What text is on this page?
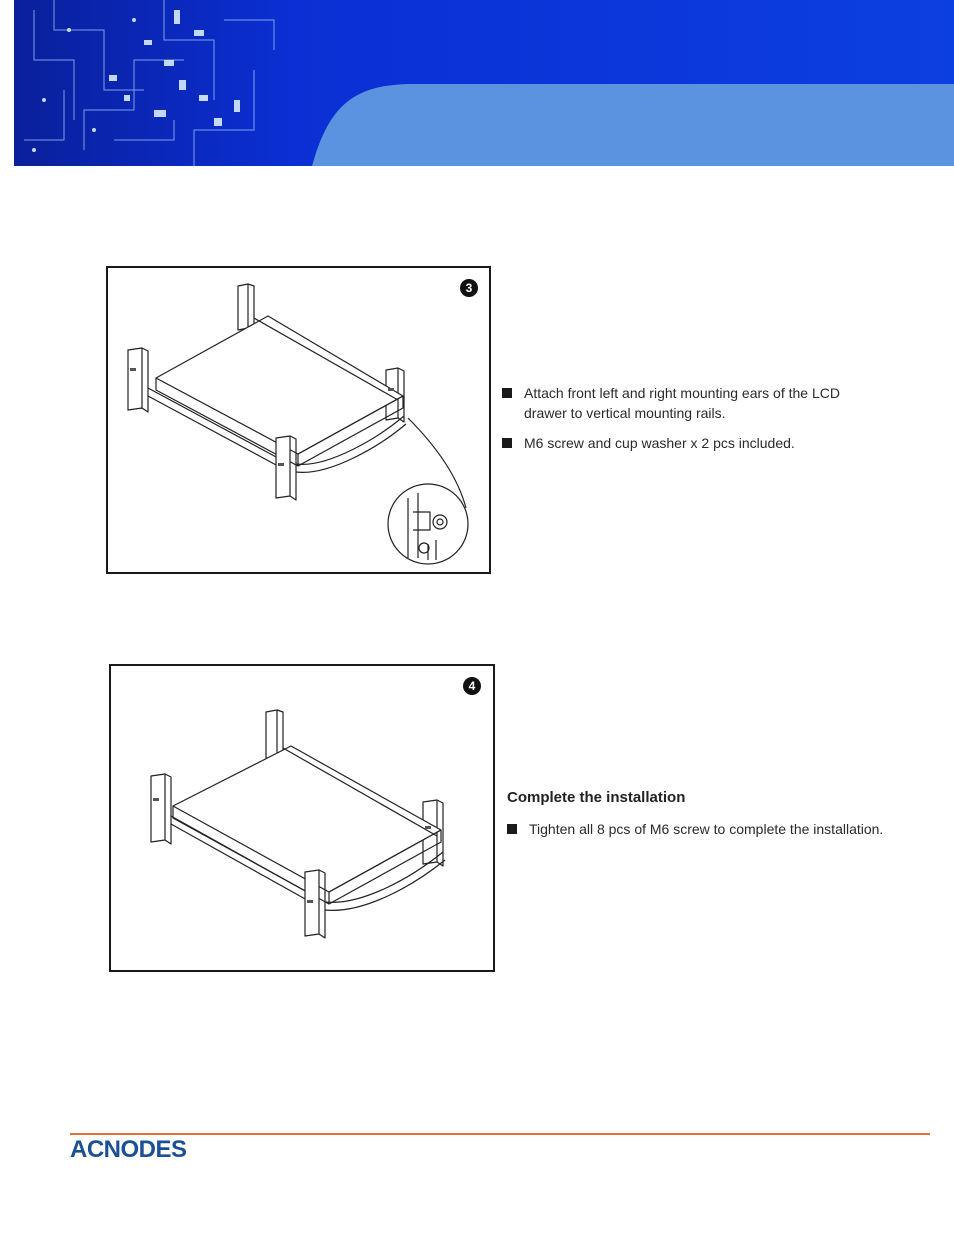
3

Attach front left and right mounting ears of the LCD drawer to vertical mounting rails.

M6 screw and cup washer x 2 pcs included.

4

Complete the installation

Tighten all 8 pcs of M6 screw to complete the installation.

ACNODES
